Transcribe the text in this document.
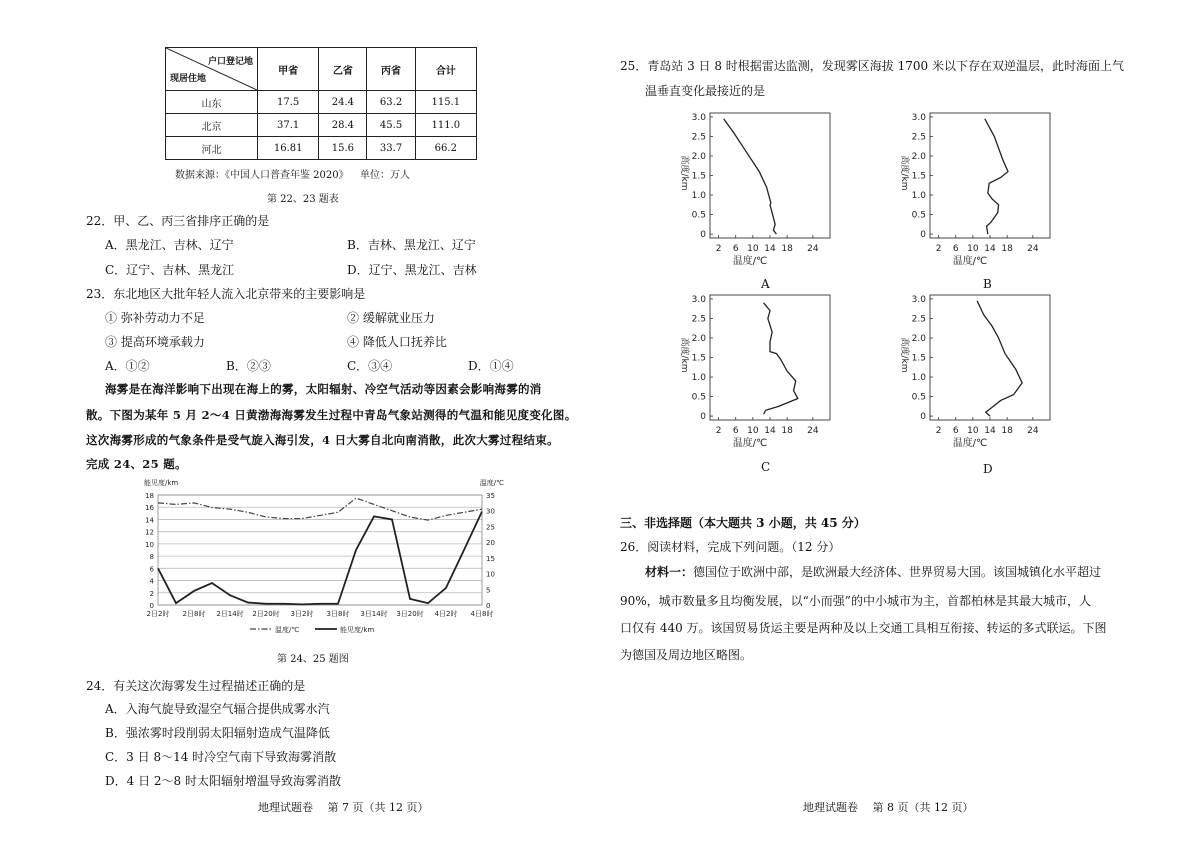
户口登记地
现居住地	甲省	乙省	丙省	合计
山东	17.5	24.4	63.2	115.1
北京	37.1	28.4	45.5	111.0
河北	16.81	15.6	33.7	66.2
数据来源：《中国人口普查年鉴 2020》 单位：万人
第 22、23 题表
22．甲、乙、丙三省排序正确的是
A．黑龙江、吉林、辽宁	B．吉林、黑龙江、辽宁
C．辽宁、吉林、黑龙江	D．辽宁、黑龙江、吉林
23．东北地区大批年轻人流入北京带来的主要影响是
① 弥补劳动力不足	② 缓解就业压力
③ 提高环境承载力	④ 降低人口抚养比
A．①②	B．②③	C．③④	D．①④
海雾是在海洋影响下出现在海上的雾，太阳辐射、冷空气活动等因素会影响海雾的消
散。下图为某年 5 月 2～4 日黄渤海海雾发生过程中青岛气象站测得的气温和能见度变化图。
这次海雾形成的气象条件是受气旋入海引发，4 日大雾自北向南消散，此次大雾过程结束。
完成 24、25 题。
0
2
4
6
8
10
12
14
16
18
0
5
10
15
20
25
30
35
能见度/km	温度/℃
2日2时 2日8时 2日14时 2日20时 3日2时 3日8时 3日14时 3日20时 4日2时 4日8时
温度/℃	能见度/km
第 24、25 题图
24．有关这次海雾发生过程描述正确的是
A．入海气旋导致湿空气辐合提供成雾水汽
B．强浓雾时段削弱太阳辐射造成气温降低
C．3 日 8～14 时冷空气南下导致海雾消散
D．4 日 2～8 时太阳辐射增温导致海雾消散
地理试题卷　 第 7 页（共 12 页）
25．青岛站 3 日 8 时根据雷达监测，发现雾区海拔 1700 米以下存在双逆温层，此时海面上气
温垂直变化最接近的是
0
0.5
1.0
1.5
2.0
2.5
3.0
2 6 10 14 18 24
温度/℃
高度/km
0
0.5
1.0
1.5
2.0
2.5
3.0
2 6 10 14 18 24
温度/℃
高度/km
0
0.5
1.0
1.5
2.0
2.5
3.0
2 6 10 14 18 24
温度/℃
高度/km
0
0.5
1.0
1.5
2.0
2.5
3.0
2 6 10 14 18 24
温度/℃
高度/km
A	B
C	D
三、非选择题（本大题共 3 小题，共 45 分）
26．阅读材料，完成下列问题。（12 分）
材料一：德国位于欧洲中部，是欧洲最大经济体、世界贸易大国。该国城镇化水平超过
90%，城市数量多且均衡发展，以“小而强”的中小城市为主，首都柏林是其最大城市，人
口仅有 440 万。该国贸易货运主要是两种及以上交通工具相互衔接、转运的多式联运。下图
为德国及周边地区略图。
地理试题卷　 第 8 页（共 12 页）
